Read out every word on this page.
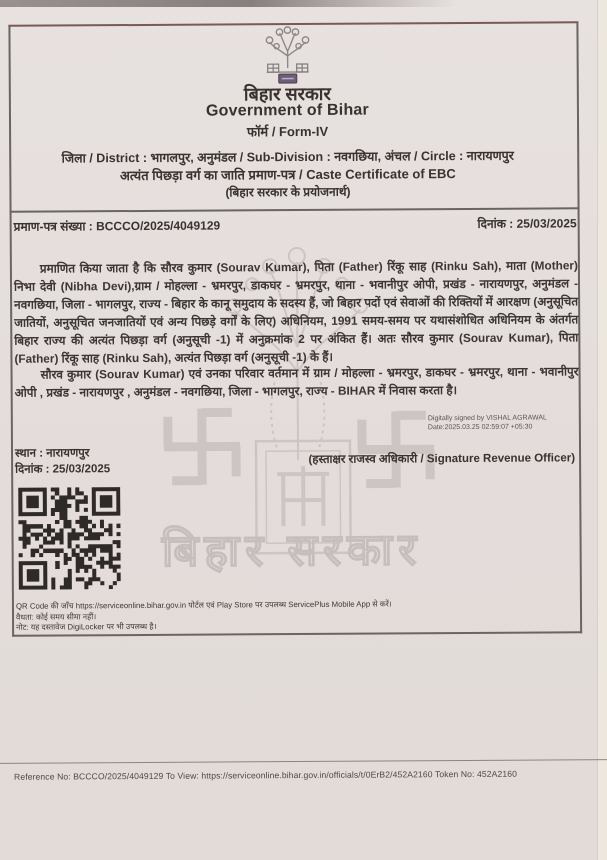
बिहार सरकार
बिहार सरकार
Government of Bihar
फॉर्म / Form-IV
जिला / District : भागलपुर, अनुमंडल / Sub-Division : नवगछिया, अंचल / Circle : नारायणपुर
अत्यंत पिछड़ा वर्ग का जाति प्रमाण-पत्र / Caste Certificate of EBC
(बिहार सरकार के प्रयोजनार्थ)
प्रमाण-पत्र संख्या : BCCCO/2025/4049129	दिनांक : 25/03/2025
प्रमाणित किया जाता है कि सौरव कुमार (Sourav Kumar), पिता (Father) रिंकू साह (Rinku Sah), माता (Mother) निभा देवी (Nibha Devi),ग्राम / मोहल्ला - भ्रमरपुर, डाकघर - भ्रमरपुर, थाना - भवानीपुर ओपी, प्रखंड - नारायणपुर, अनुमंडल - नवगछिया, जिला - भागलपुर, राज्य - बिहार के कानू समुदाय के सदस्य हैं, जो बिहार पदों एवं सेवाओं की रिक्तियों में आरक्षण (अनुसूचित जातियों, अनुसूचित जनजातियों एवं अन्य पिछड़े वर्गों के लिए) अधिनियम, 1991 समय-समय पर यथासंशोधित अधिनियम के अंतर्गत बिहार राज्य की अत्यंत पिछड़ा वर्ग (अनुसूची -1) में अनुक्रमांक 2 पर अंकित हैं। अतः सौरव कुमार (Sourav Kumar), पिता (Father) रिंकू साह (Rinku Sah), अत्यंत पिछड़ा वर्ग (अनुसूची -1) के हैं।
सौरव कुमार (Sourav Kumar) एवं उनका परिवार वर्तमान में ग्राम / मोहल्ला - भ्रमरपुर, डाकघर - भ्रमरपुर, थाना - भवानीपुर ओपी , प्रखंड - नारायणपुर , अनुमंडल - नवगछिया, जिला - भागलपुर, राज्य - BIHAR में निवास करता है।
Digitally signed by VISHAL AGRAWAL
Date:2025.03.25 02:59:07 +05:30
स्थान : नारायणपुर
दिनांक : 25/03/2025
(हस्ताक्षर राजस्व अधिकारी / Signature Revenue Officer)
QR Code की जाँच https://serviceonline.bihar.gov.in पोर्टल एवं Play Store पर उपलब्ध ServicePlus Mobile App से करें।
वैधता: कोई समय सीमा नहीं।
नोट: यह दस्तावेज DigiLocker पर भी उपलब्ध है।
Reference No: BCCCO/2025/4049129 To View: https://serviceonline.bihar.gov.in/officials/t/0ErB2/452A2160 Token No: 452A2160
